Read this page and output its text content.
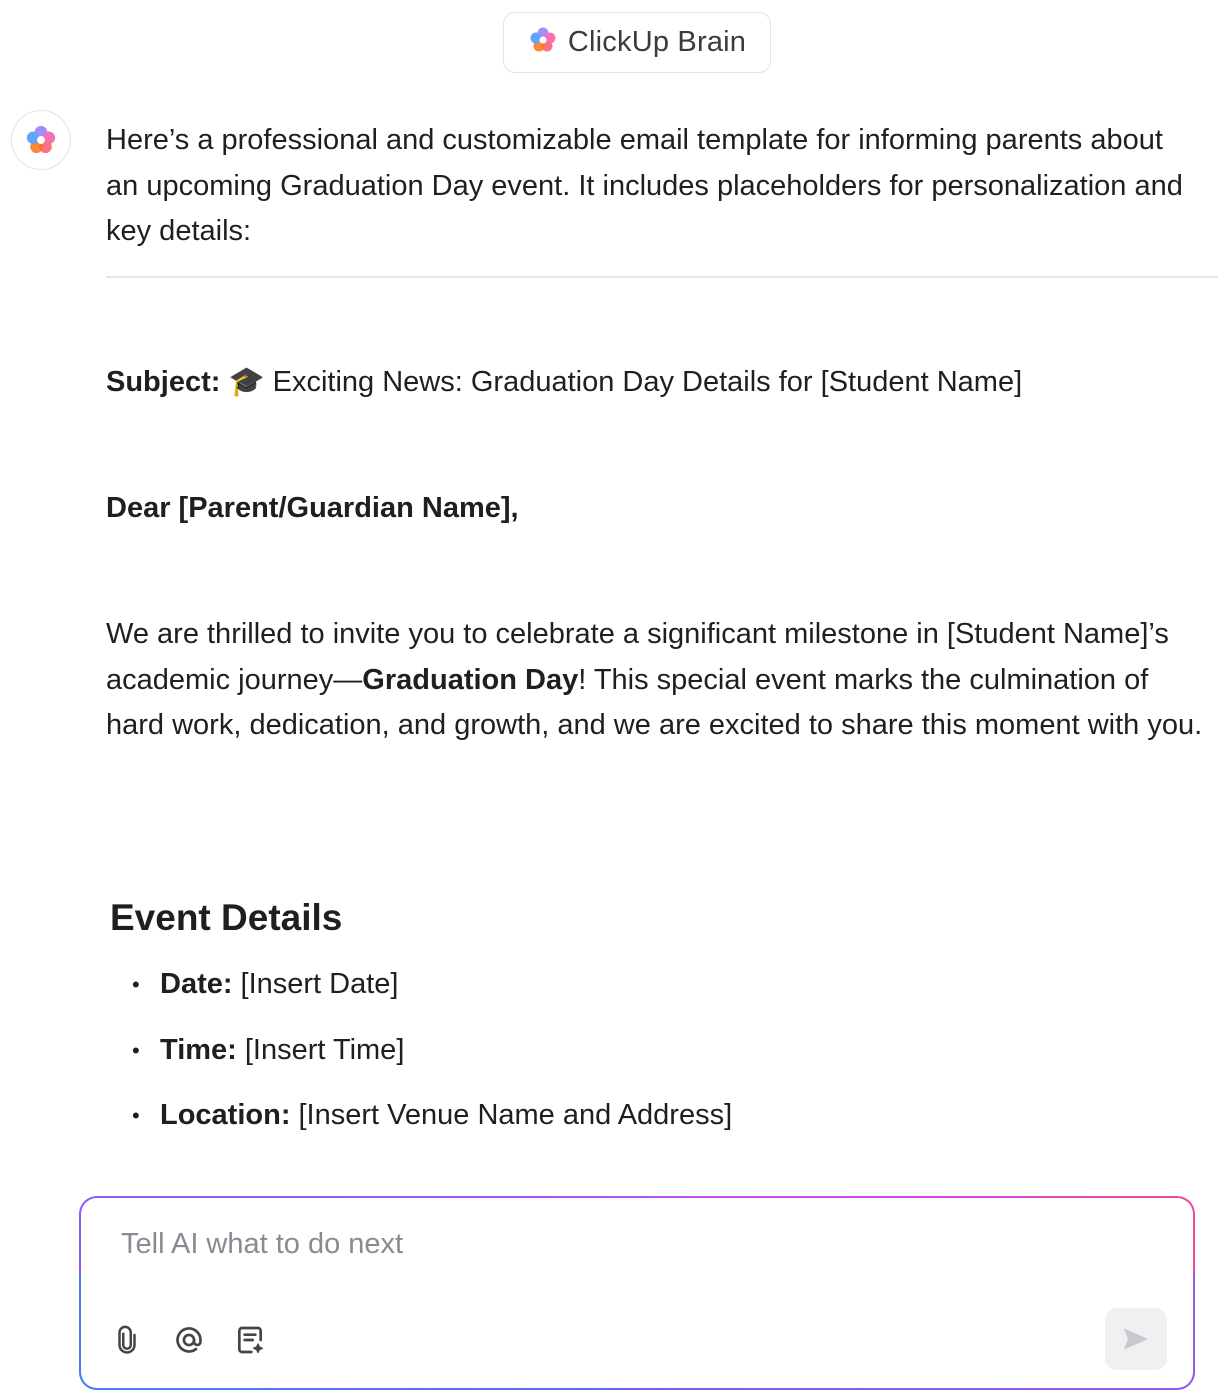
ClickUp Brain

Here’s a professional and customizable email template for informing parents about an upcoming Graduation Day event. It includes placeholders for personalization and key details:

Subject: 🎓 Exciting News: Graduation Day Details for [Student Name]
Dear [Parent/Guardian Name],

We are thrilled to invite you to celebrate a significant milestone in [Student Name]’s academic journey—Graduation Day! This special event marks the culmination of hard work, dedication, and growth, and we are excited to share this moment with you.

Event Details
• Date: [Insert Date]
• Time: [Insert Time]
• Location: [Insert Venue Name and Address]
Tell AI what to do next
